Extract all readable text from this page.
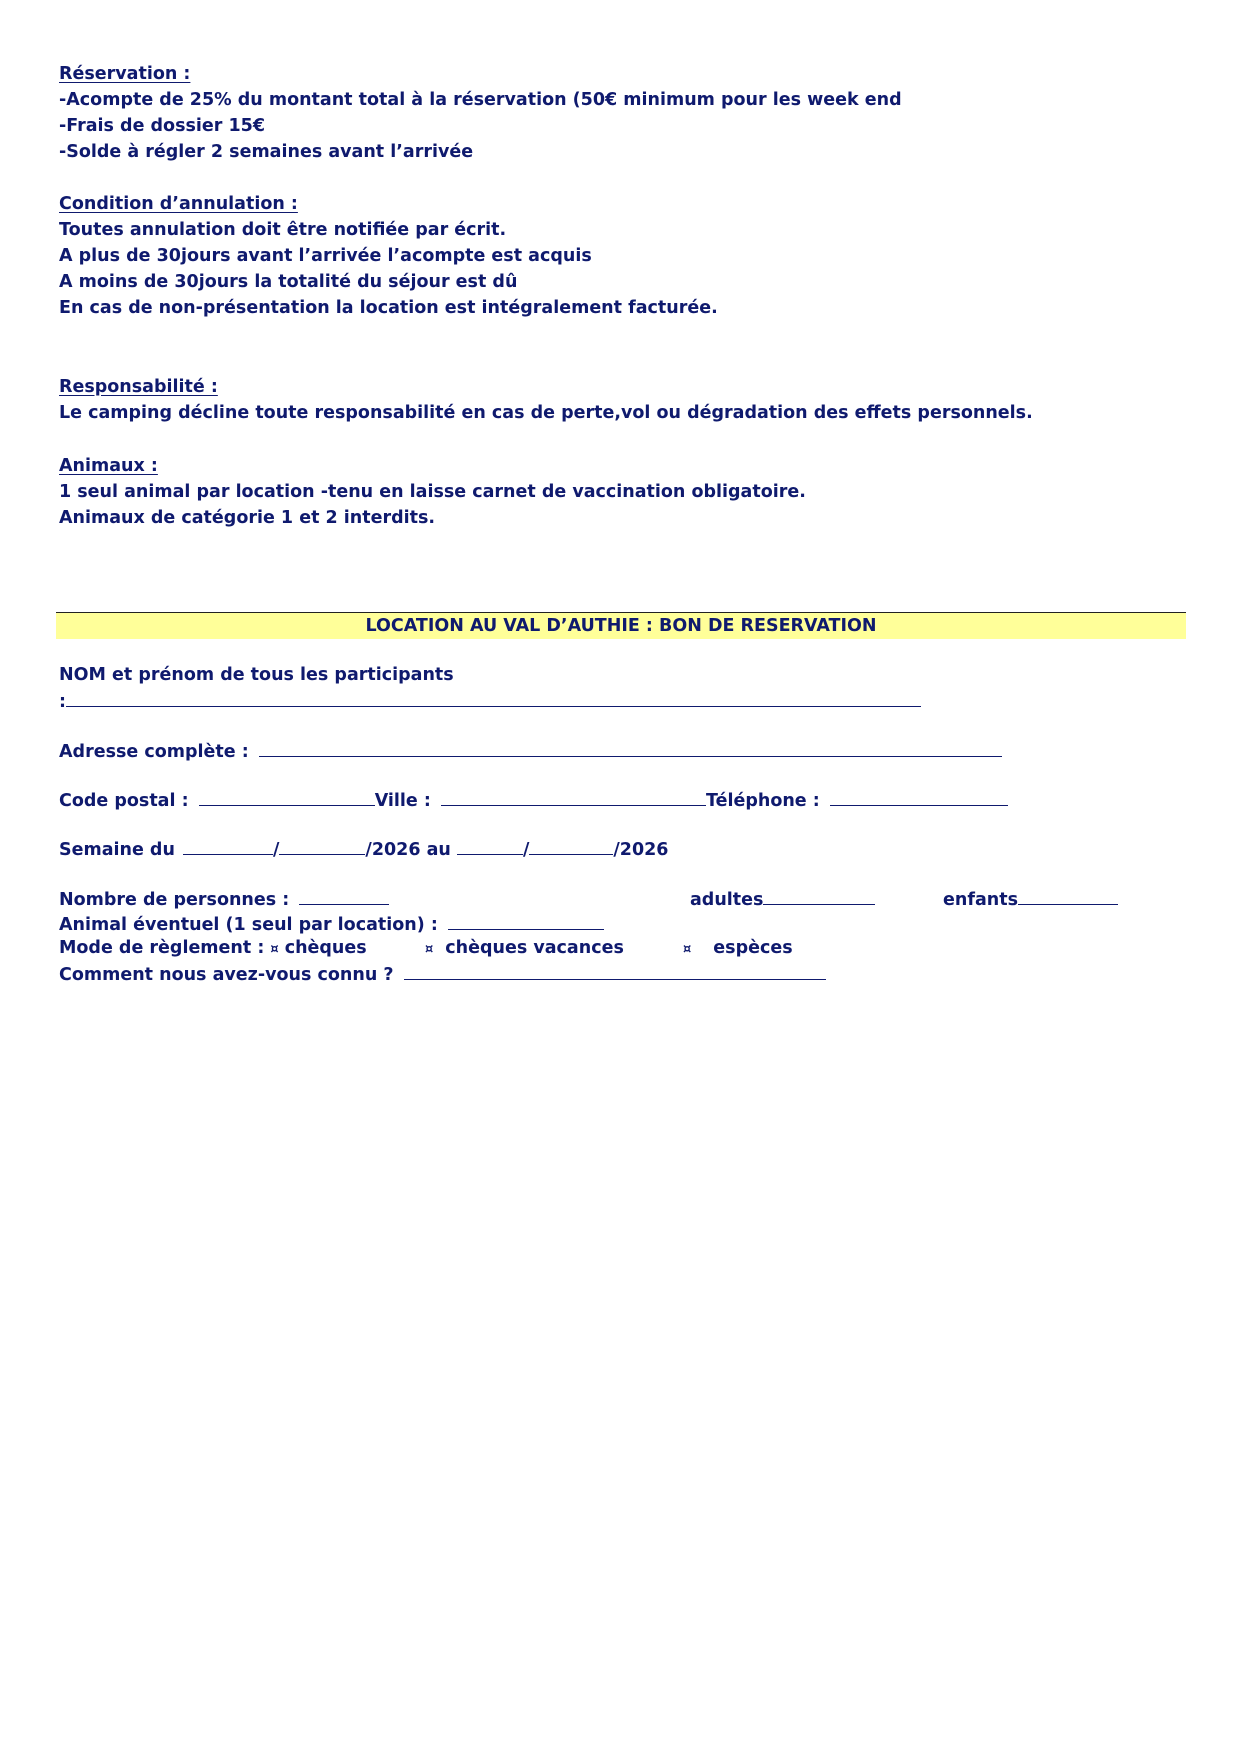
Réservation :

-Acompte de 25% du montant total à la réservation (50€ minimum pour les week end

-Frais de dossier 15€

-Solde à régler 2 semaines avant l’arrivée

Condition d’annulation :

Toutes annulation doit être notifiée par écrit.

A plus de 30jours avant l’arrivée l’acompte est acquis

A moins de 30jours la totalité du séjour est dû

En cas de non-présentation la location est intégralement facturée.

Responsabilité :

Le camping décline toute responsabilité en cas de perte,vol ou dégradation des effets personnels.

Animaux :

1 seul animal par location -tenu en laisse carnet de vaccination obligatoire.

Animaux de catégorie 1 et 2 interdits.

LOCATION AU VAL D’AUTHIE : BON DE RESERVATION
NOM et prénom de tous les participants
:
Adresse complète :
Code postal :	Ville :	Téléphone :
Semaine du	/	/2026 au	/	/2026
Nombre de personnes :	adultes	enfants
Animal éventuel (1 seul par location) :
Mode de règlement : ¤ chèques	¤ chèques vacances	¤ espèces
Comment nous avez-vous connu ?
